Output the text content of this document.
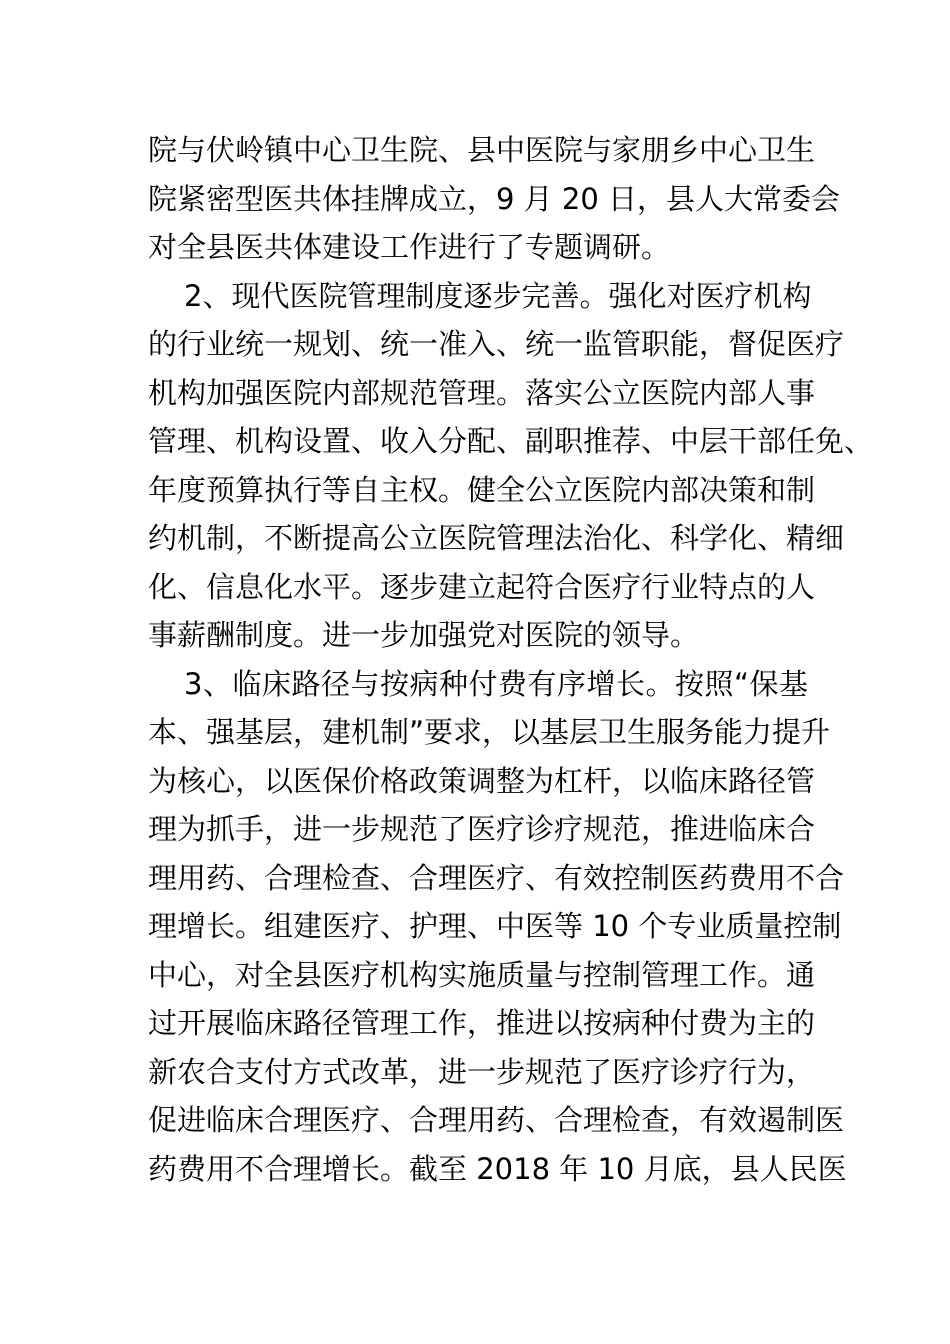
院与伏岭镇中心卫生院、县中医院与家朋乡中心卫生
院紧密型医共体挂牌成立，9 月 20 日，县人大常委会
对全县医共体建设工作进行了专题调研。
2、现代医院管理制度逐步完善。强化对医疗机构
的行业统一规划、统一准入、统一监管职能，督促医疗
机构加强医院内部规范管理。落实公立医院内部人事
管理、机构设置、收入分配、副职推荐、中层干部任免、
年度预算执行等自主权。健全公立医院内部决策和制
约机制，不断提高公立医院管理法治化、科学化、精细
化、信息化水平。逐步建立起符合医疗行业特点的人
事薪酬制度。进一步加强党对医院的领导。
3、临床路径与按病种付费有序增长。按照“保基
本、强基层，建机制”要求，以基层卫生服务能力提升
为核心，以医保价格政策调整为杠杆，以临床路径管
理为抓手，进一步规范了医疗诊疗规范，推进临床合
理用药、合理检查、合理医疗、有效控制医药费用不合
理增长。组建医疗、护理、中医等 10 个专业质量控制
中心，对全县医疗机构实施质量与控制管理工作。通
过开展临床路径管理工作，推进以按病种付费为主的
新农合支付方式改革，进一步规范了医疗诊疗行为，
促进临床合理医疗、合理用药、合理检查，有效遏制医
药费用不合理增长。截至 2018 年 10 月底，县人民医
